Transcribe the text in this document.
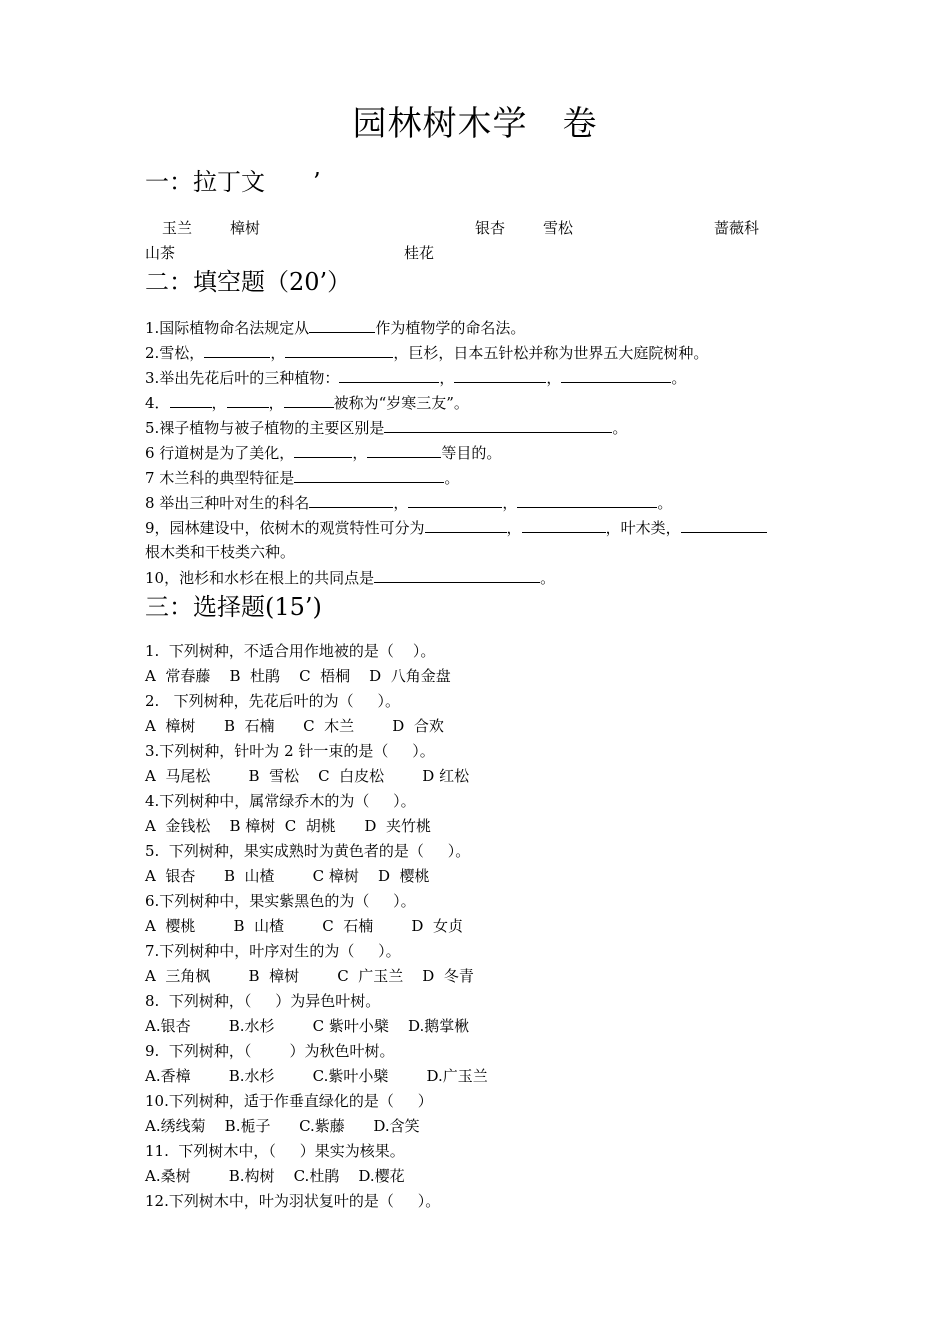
园林树木学　卷
一：拉丁文　　’
玉兰	樟树	银杏	雪松	蔷薇科
山茶	桂花
二：填空题（20’）
1.国际植物命名法规定从	作为植物学的命名法。
2.雪松，	，	，巨杉，日本五针松并称为世界五大庭院树种。
3.举出先花后叶的三种植物：	，	，	。
4．	，	，	被称为“岁寒三友”。
5.裸子植物与被子植物的主要区别是	。
6 行道树是为了美化，	，	等目的。
7 木兰科的典型特征是	。
8 举出三种叶对生的科名	，	，	。
9，园林建设中，依树木的观赏特性可分为	，	，叶木类，
根木类和干枝类六种。
10，池杉和水杉在根上的共同点是	。
三：选择题(15’)
1.  下列树种，不适合用作地被的是（    ）。
A  常春藤    B  杜鹃    C  梧桐    D  八角金盘
2.   下列树种，先花后叶的为（     ）。
A  樟树      B  石楠      C  木兰        D  合欢
3.下列树种，针叶为 2 针一束的是（     ）。
A  马尾松        B  雪松    C  白皮松        D 红松
4.下列树种中，属常绿乔木的为（     ）。
A  金钱松    B 樟树  C  胡桃      D  夹竹桃
5.  下列树种，果实成熟时为黄色者的是（     ）。
A  银杏      B  山楂        C 樟树    D  樱桃
6.下列树种中，果实紫黑色的为（     ）。
A  樱桃        B  山楂        C  石楠        D  女贞
7.下列树种中，叶序对生的为（     ）。
A  三角枫        B  樟树        C  广玉兰    D  冬青
8.  下列树种，（     ）为异色叶树。
A.银杏        B.水杉        C 紫叶小檗    D.鹅掌楸
9.  下列树种，（        ）为秋色叶树。
A.香樟        B.水杉        C.紫叶小檗        D.广玉兰
10.下列树种，适于作垂直绿化的是（     ）
A.绣线菊    B.栀子      C.紫藤      D.含笑
11.  下列树木中，（     ）果实为核果。
A.桑树        B.构树    C.杜鹃    D.樱花
12.下列树木中，叶为羽状复叶的是（     ）。
